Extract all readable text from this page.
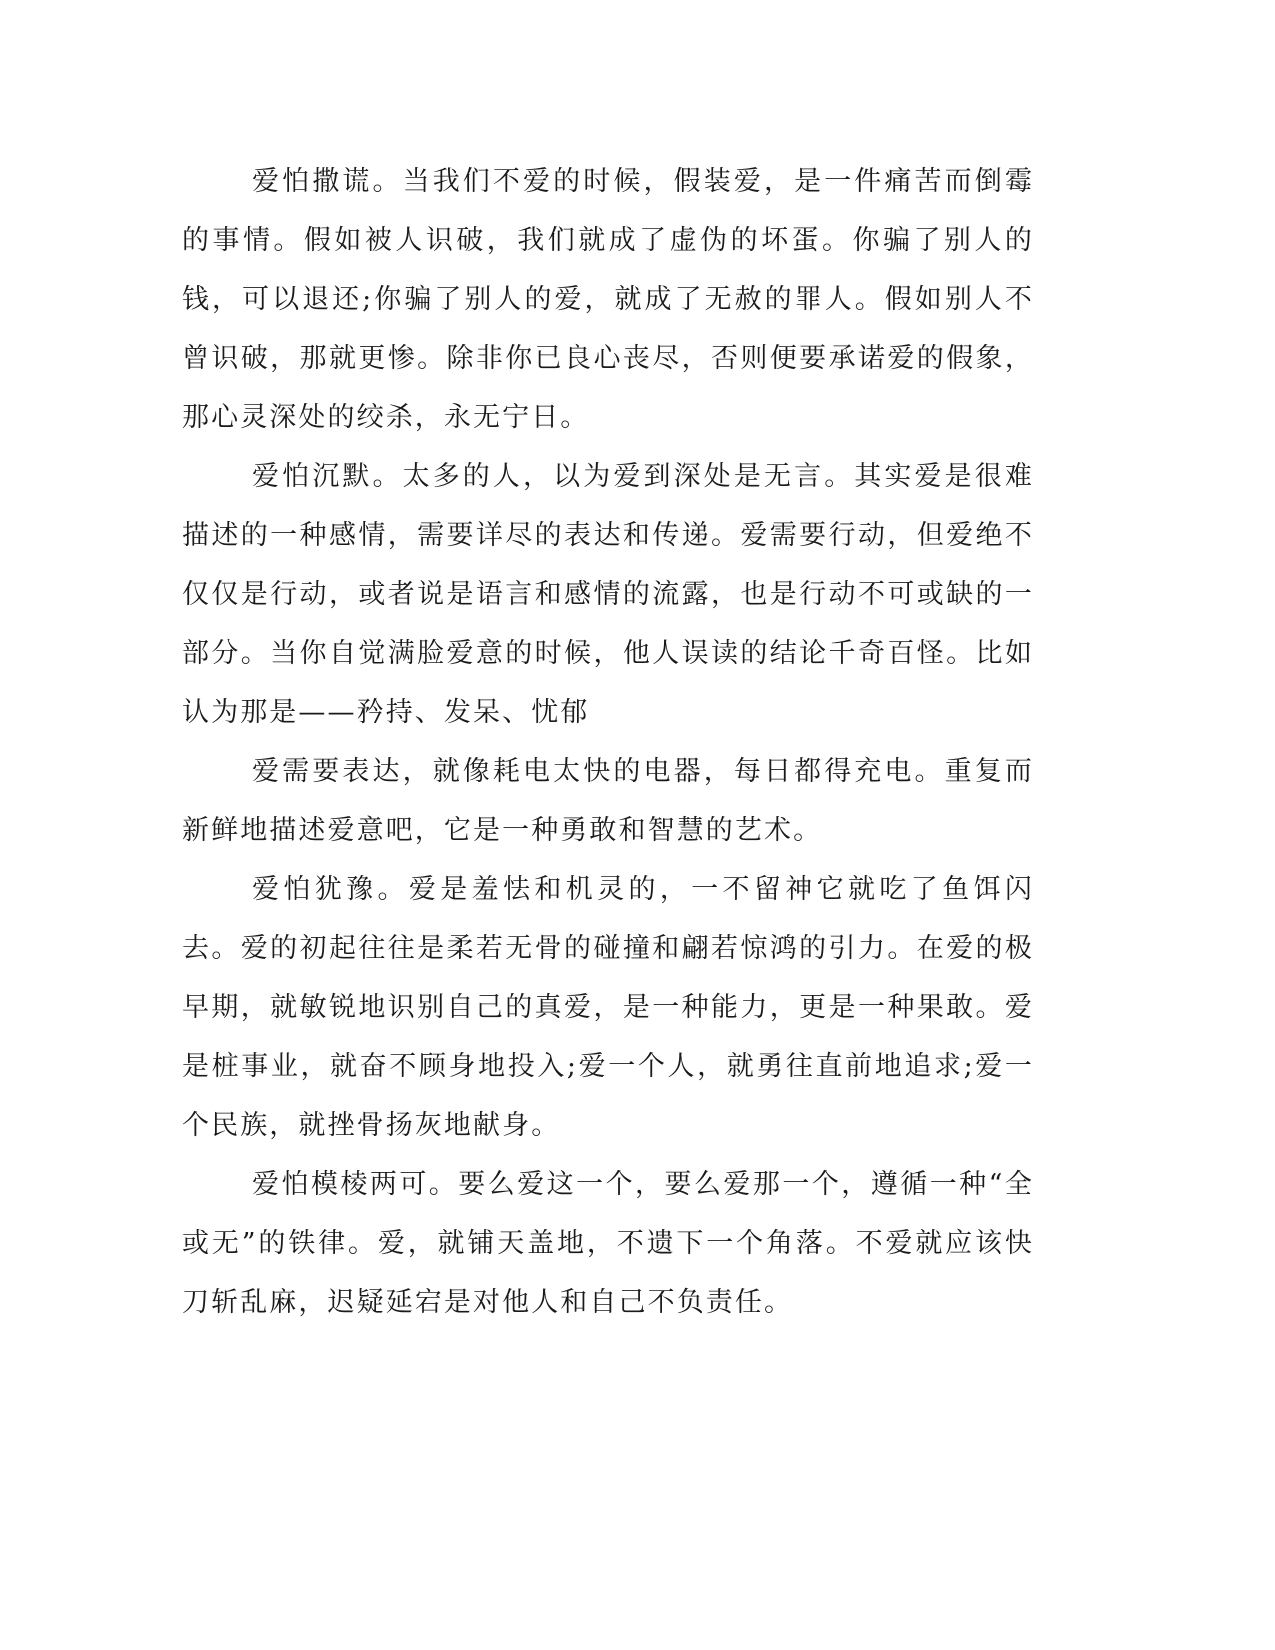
爱怕撒谎。当我们不爱的时候，假装爱，是一件痛苦而倒霉的事情。假如被人识破，我们就成了虚伪的坏蛋。你骗了别人的钱，可以退还;你骗了别人的爱，就成了无赦的罪人。假如别人不曾识破，那就更惨。除非你已良心丧尽，否则便要承诺爱的假象，那心灵深处的绞杀，永无宁日。

爱怕沉默。太多的人，以为爱到深处是无言。其实爱是很难描述的一种感情，需要详尽的表达和传递。爱需要行动，但爱绝不仅仅是行动，或者说是语言和感情的流露，也是行动不可或缺的一部分。当你自觉满脸爱意的时候，他人误读的结论千奇百怪。比如认为那是——矜持、发呆、忧郁

爱需要表达，就像耗电太快的电器，每日都得充电。重复而新鲜地描述爱意吧，它是一种勇敢和智慧的艺术。

爱怕犹豫。爱是羞怯和机灵的，一不留神它就吃了鱼饵闪去。爱的初起往往是柔若无骨的碰撞和翩若惊鸿的引力。在爱的极早期，就敏锐地识别自己的真爱，是一种能力，更是一种果敢。爱是桩事业，就奋不顾身地投入;爱一个人，就勇往直前地追求;爱一个民族，就挫骨扬灰地献身。

爱怕模棱两可。要么爱这一个，要么爱那一个，遵循一种“全或无”的铁律。爱，就铺天盖地，不遗下一个角落。不爱就应该快刀斩乱麻，迟疑延宕是对他人和自己不负责任。
